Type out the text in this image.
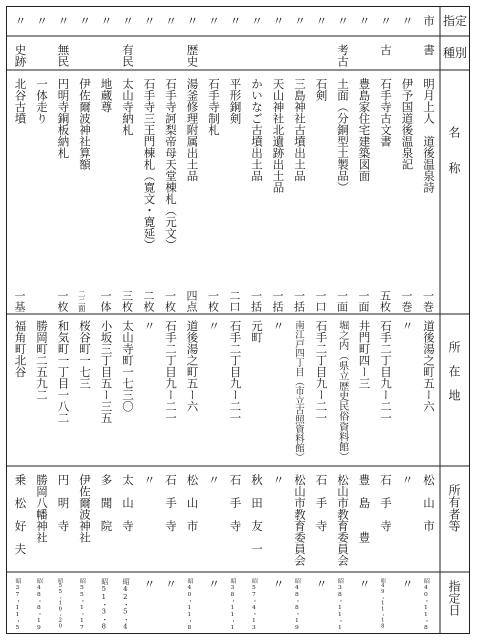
指定
種別
名　　称
所　在　地
所有者等
指定日
市
書
明月上人　道後温泉詩
一巻
道後湯之町五ー六
松　山　市
昭40・11・8
〃
伊予国道後温泉記
一巻
〃
〃
〃
〃
古
石手寺古文書
五枚
石手二丁目九ー二一
石　手　寺
昭49・11・18
〃
豊島家住宅建築図面
一面
井門町四ー三
豊　島　　豊
〃
〃
考古
土面（分銅型土製品）
一面
堀之内（県立歴史民俗資料館）
松山市教育委員会
昭38・11・1
〃
石剣
一口
石手二丁目九ー二一
石　手　寺
〃
〃
三島神社古墳出土品
一括
南江戸四丁目（市立古照資料館）
松山市教育委員会
昭48・8・19
〃
天山神社北遺跡出土品
一括
〃
〃
〃
〃
かいなご古墳出土品
一括
元町
秋　田　友　一
昭57・4・13
〃
平形銅剣
二口
石手二丁目九ー二一
石　手　寺
昭38・11・1
〃
石手寺制札
一枚
〃
〃
〃
〃
歴史
湯釜修理附属出土品
四点
道後湯之町五ー六
松　山　市
昭40・11・8
〃
石手寺訶梨帝母天堂棟札（元文）
一枚
石手二丁目九ー二一
石　手　寺
〃
〃
石手寺三王門棟札（寛文・寛延）
二枚
〃
〃
〃
〃
有民
太山寺納札
三枚
太山寺町一七三〇
太　山　寺
昭42・5・4
〃
地蔵尊
一体
小坂三丁目五ー三五
多　聞　院
昭51・3・8
〃
伊佐爾波神社算額
二二面
桜谷町一七三
伊佐爾波神社
昭55・1・17
〃
無民
円明寺銅板納札
一枚
和気町一丁目一八二
円　明　寺
昭55・10・20
〃
一体走り
勝岡町二五九二
勝岡八幡神社
昭48・8・19
〃
史跡
北谷古墳
一基
福角町北谷
乗　松　好　夫
昭37・11・5
